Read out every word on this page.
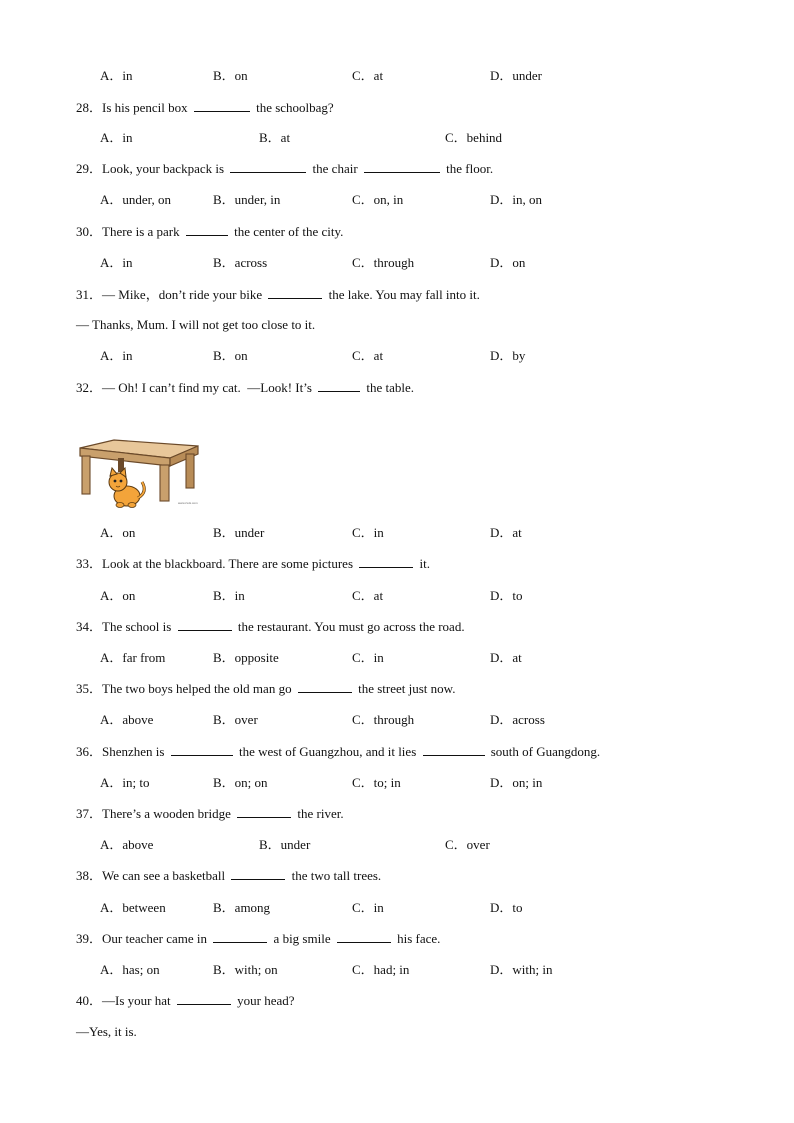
A．in	B．on	C．at	D．under
28．Is his pencil box	the schoolbag?
A．in	B．at	C．behind
29．Look, your backpack is	the chair	the floor.
A．under, on	B．under, in	C．on, in	D．in, on
30．There is a park	the center of the city.
A．in	B．across	C．through	D．on
31．— Mike，don’t ride your bike	the lake. You may fall into it.
— Thanks, Mum. I will not get too close to it.
A．in	B．on	C．at	D．by
32．— Oh! I can’t find my cat.  —Look! It’s	the table.
A．on	B．under	C．in	D．at
33．Look at the blackboard. There are some pictures	it.
A．on	B．in	C．at	D．to
34．The school is	the restaurant. You must go across the road.
A．far from	B．opposite	C．in	D．at
35．The two boys helped the old man go	the street just now.
A．above	B．over	C．through	D．across
36．Shenzhen is	the west of Guangzhou, and it lies	south of Guangdong.
A．in; to	B．on; on	C．to; in	D．on; in
37．There’s a wooden bridge	the river.
A．above	B．under	C．over
38．We can see a basketball	the two tall trees.
A．between	B．among	C．in	D．to
39．Our teacher came in	a big smile	his face.
A．has; on	B．with; on	C．had; in	D．with; in
40．—Is your hat	your head?
—Yes, it is.
www.zxxk.com
